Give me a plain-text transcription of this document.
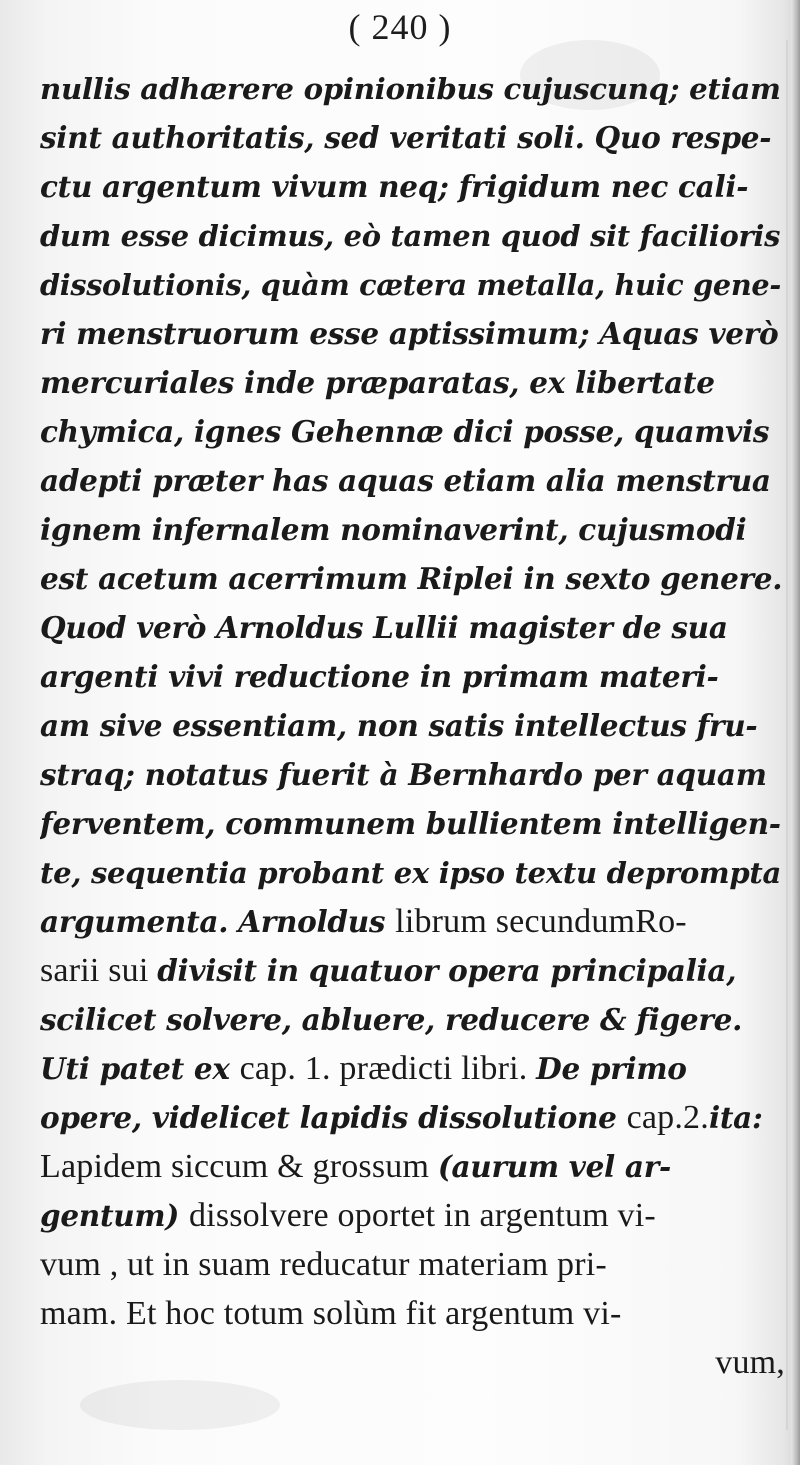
( 240 )
nullis adhærere opinionibus cujuscunq; etiam
sint authoritatis, sed veritati soli. Quo respe-
ctu argentum vivum neq; frigidum nec cali-
dum esse dicimus, eò tamen quod sit facilioris
dissolutionis, quàm cætera metalla, huic gene-
ri menstruorum esse aptissimum; Aquas verò
mercuriales inde præparatas, ex libertate
chymica, ignes Gehennæ dici posse, quamvis
adepti præter has aquas etiam alia menstrua
ignem infernalem nominaverint, cujusmodi
est acetum acerrimum Riplei in sexto genere.
Quod verò Arnoldus Lullii magister de sua
argenti vivi reductione in primam materi-
am sive essentiam, non satis intellectus fru-
straq; notatus fuerit à Bernhardo per aquam
ferventem, communem bullientem intelligen-
te, sequentia probant ex ipso textu deprompta
argumenta. Arnoldus librum secundumRo-
sarii sui divisit in quatuor opera principalia,
scilicet solvere, abluere, reducere & figere.
Uti patet ex cap. 1. prædicti libri. De primo
opere, videlicet lapidis dissolutione cap.2.ita:
Lapidem siccum & grossum (aurum vel ar-
gentum) dissolvere oportet in argentum vi-
vum , ut in suam reducatur materiam pri-
mam. Et hoc totum solùm fit argentum vi-
vum,
